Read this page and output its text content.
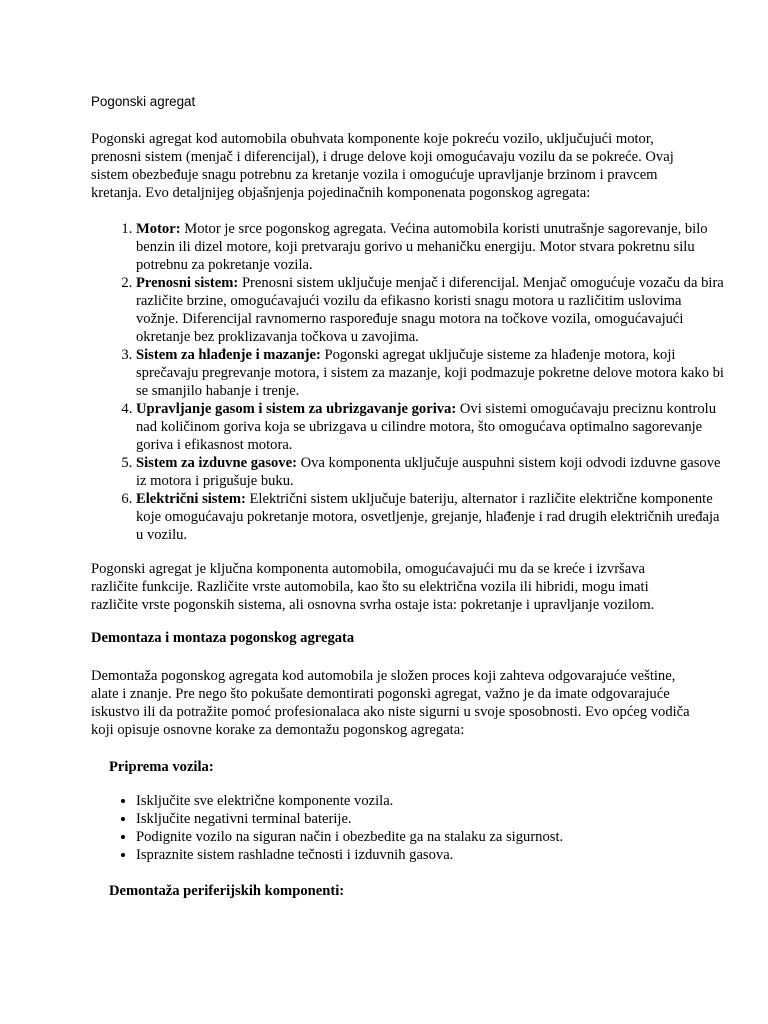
Pogonski agregat

Pogonski agregat kod automobila obuhvata komponente koje pokreću vozilo, uključujući motor, prenosni sistem (menjač i diferencijal), i druge delove koji omogućavaju vozilu da se pokreće. Ovaj sistem obezbeđuje snagu potrebnu za kretanje vozila i omogućuje upravljanje brzinom i pravcem kretanja. Evo detaljnijeg objašnjenja pojedinačnih komponenata pogonskog agregata:

1. Motor: Motor je srce pogonskog agregata. Većina automobila koristi unutrašnje sagorevanje, bilo benzin ili dizel motore, koji pretvaraju gorivo u mehaničku energiju. Motor stvara pokretnu silu potrebnu za pokretanje vozila.
2. Prenosni sistem: Prenosni sistem uključuje menjač i diferencijal. Menjač omogućuje vozaču da bira različite brzine, omogućavajući vozilu da efikasno koristi snagu motora u različitim uslovima vožnje. Diferencijal ravnomerno raspoređuje snagu motora na točkove vozila, omogućavajući okretanje bez proklizavanja točkova u zavojima.
3. Sistem za hlađenje i mazanje: Pogonski agregat uključuje sisteme za hlađenje motora, koji sprečavaju pregrevanje motora, i sistem za mazanje, koji podmazuje pokretne delove motora kako bi se smanjilo habanje i trenje.
4. Upravljanje gasom i sistem za ubrizgavanje goriva: Ovi sistemi omogućavaju preciznu kontrolu nad količinom goriva koja se ubrizgava u cilindre motora, što omogućava optimalno sagorevanje goriva i efikasnost motora.
5. Sistem za izduvne gasove: Ova komponenta uključuje auspuhni sistem koji odvodi izduvne gasove iz motora i prigušuje buku.
6. Električni sistem: Električni sistem uključuje bateriju, alternator i različite električne komponente koje omogućavaju pokretanje motora, osvetljenje, grejanje, hlađenje i rad drugih električnih uređaja u vozilu.

Pogonski agregat je ključna komponenta automobila, omogućavajući mu da se kreće i izvršava različite funkcije. Različite vrste automobila, kao što su električna vozila ili hibridi, mogu imati različite vrste pogonskih sistema, ali osnovna svrha ostaje ista: pokretanje i upravljanje vozilom.

Demontaza i montaza pogonskog agregata

Demontaža pogonskog agregata kod automobila je složen proces koji zahteva odgovarajuće veštine, alate i znanje. Pre nego što pokušate demontirati pogonski agregat, važno je da imate odgovarajuće iskustvo ili da potražite pomoć profesionalaca ako niste sigurni u svoje sposobnosti. Evo općeg vodiča koji opisuje osnovne korake za demontažu pogonskog agregata:

Priprema vozila:
• Isključite sve električne komponente vozila.
• Isključite negativni terminal baterije.
• Podignite vozilo na siguran način i obezbedite ga na stalaku za sigurnost.
• Ispraznite sistem rashladne tečnosti i izduvnih gasova.
Demontaža periferijskih komponenti:
